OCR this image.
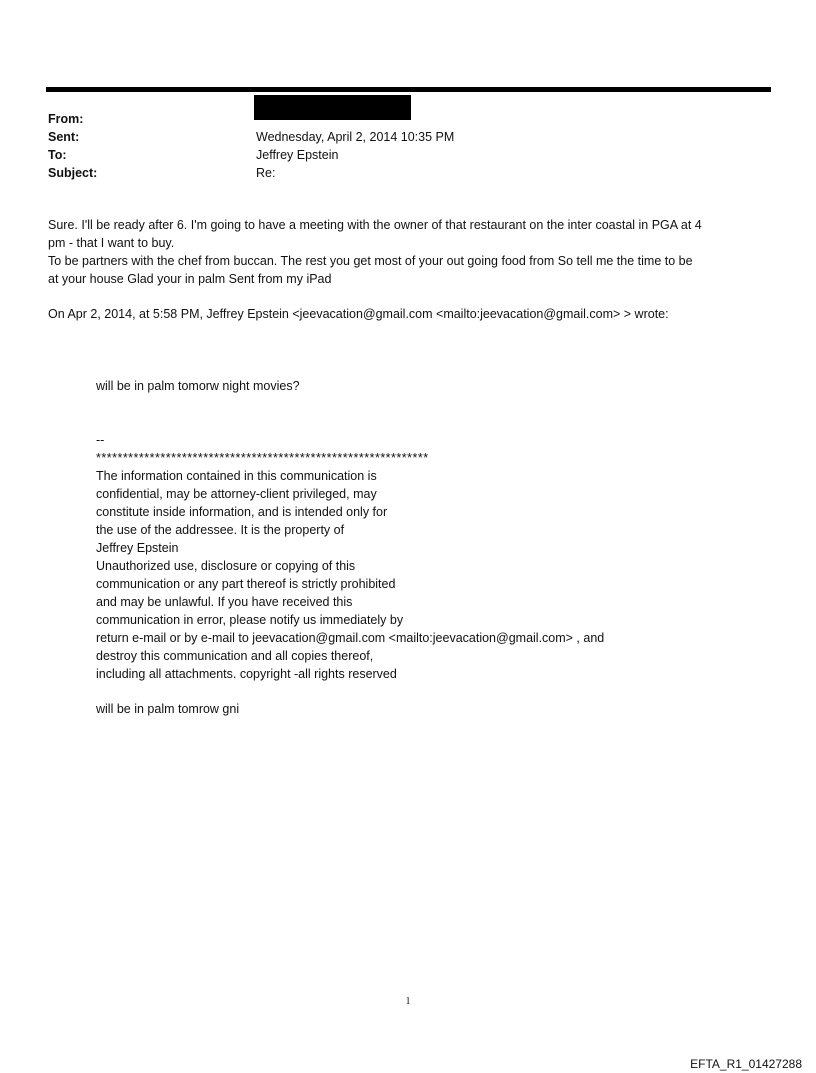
From:
Sent:	Wednesday, April 2, 2014 10:35 PM
To:	Jeffrey Epstein
Subject:	Re:

Sure. I'll be ready after 6. I'm going to have a meeting with the owner of that restaurant on the inter coastal in PGA at 4

pm - that I want to buy.

To be partners with the chef from buccan. The rest you get most of your out going food from So tell me the time to be

at your house Glad your in palm Sent from my iPad

On Apr 2, 2014, at 5:58 PM, Jeffrey Epstein <jeevacation@gmail.com <mailto:jeevacation@gmail.com> > wrote:

will be in palm tomorw night movies?

--

**************************************************************

The information contained in this communication is

confidential, may be attorney-client privileged, may

constitute inside information, and is intended only for

the use of the addressee. It is the property of

Jeffrey Epstein

Unauthorized use, disclosure or copying of this

communication or any part thereof is strictly prohibited

and may be unlawful. If you have received this

communication in error, please notify us immediately by

return e-mail or by e-mail to jeevacation@gmail.com <mailto:jeevacation@gmail.com> , and

destroy this communication and all copies thereof,

including all attachments. copyright -all rights reserved

will be in palm tomrow gni

1
EFTA_R1_01427288
